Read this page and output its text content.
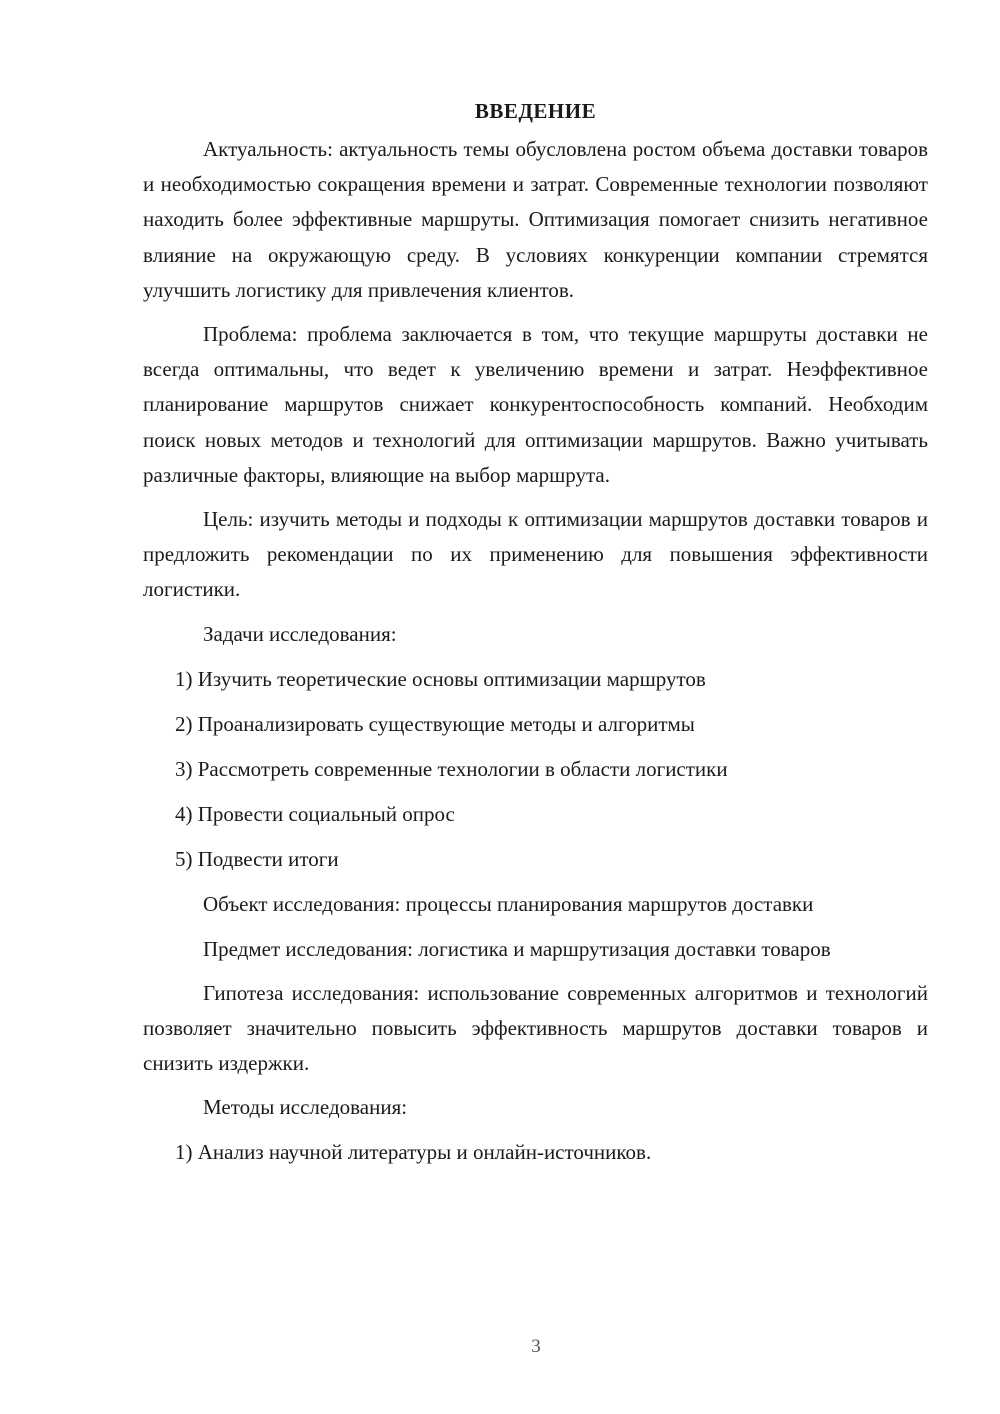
ВВЕДЕНИЕ

Актуальность: актуальность темы обусловлена ростом объема доставки товаров и необходимостью сокращения времени и затрат. Современные технологии позволяют находить более эффективные маршруты. Оптимизация помогает снизить негативное влияние на окружающую среду. В условиях конкуренции компании стремятся улучшить логистику для привлечения клиентов.

Проблема: проблема заключается в том, что текущие маршруты доставки не всегда оптимальны, что ведет к увеличению времени и затрат. Неэффективное планирование маршрутов снижает конкурентоспособность компаний. Необходим поиск новых методов и технологий для оптимизации маршрутов. Важно учитывать различные факторы, влияющие на выбор маршрута.

Цель: изучить методы и подходы к оптимизации маршрутов доставки товаров и предложить рекомендации по их применению для повышения эффективности логистики.

Задачи исследования:

1) Изучить теоретические основы оптимизации маршрутов

2) Проанализировать существующие методы и алгоритмы

3) Рассмотреть современные технологии в области логистики

4) Провести социальный опрос

5) Подвести итоги

Объект исследования: процессы планирования маршрутов доставки

Предмет исследования: логистика и маршрутизация доставки товаров

Гипотеза исследования: использование современных алгоритмов и технологий позволяет значительно повысить эффективность маршрутов доставки товаров и снизить издержки.

Методы исследования:

1) Анализ научной литературы и онлайн-источников.

3
